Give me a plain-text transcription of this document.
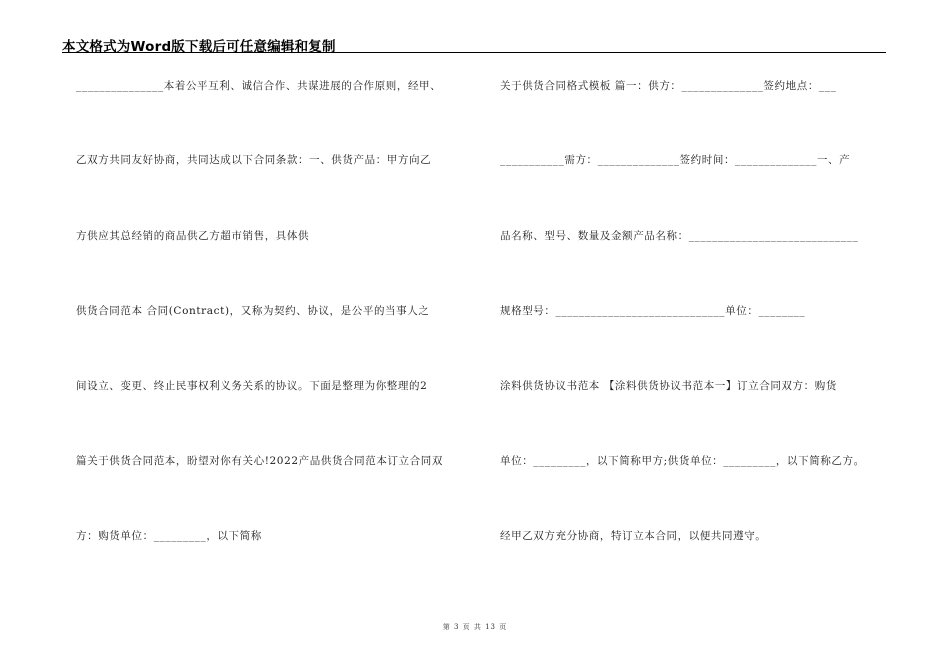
本文格式为Word版下载后可任意编辑和复制
_______________本着公平互利、诚信合作、共谋进展的合作原则，经甲、
乙双方共同友好协商，共同达成以下合同条款：一、供货产品：甲方向乙
方供应其总经销的商品供乙方超市销售，具体供
供货合同范本 合同(Contract)，又称为契约、协议，是公平的当事人之
间设立、变更、终止民事权利义务关系的协议。下面是整理为你整理的2
篇关于供货合同范本，盼望对你有关心!2022产品供货合同范本订立合同双
方：购货单位：_________，以下简称
关于供货合同格式模板 篇一：供方：______________签约地点：___
___________需方：______________签约时间：______________一、产
品名称、型号、数量及金额产品名称：_____________________________
规格型号：_____________________________单位：________
涂料供货协议书范本 【涂料供货协议书范本一】订立合同双方：购货
单位：_________，以下简称甲方;供货单位：_________，以下简称乙方。
经甲乙双方充分协商，特订立本合同，以便共同遵守。
第 3 页 共 13 页
